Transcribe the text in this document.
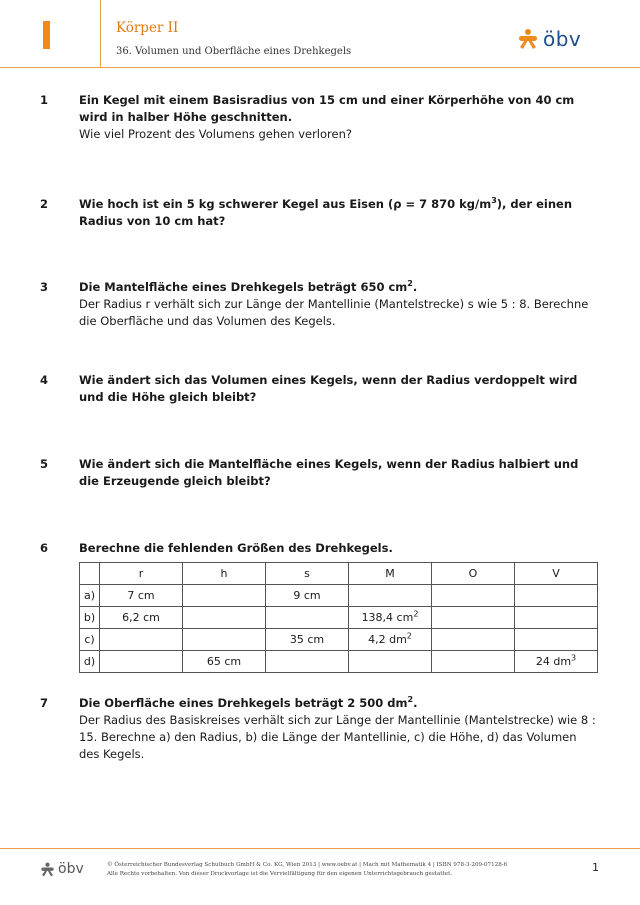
Körper II
36. Volumen und Oberfläche eines Drehkegels
öbv
1	Ein Kegel mit einem Basisradius von 15 cm und einer Körperhöhe von 40 cm wird in halber Höhe geschnitten.
Wie viel Prozent des Volumens gehen verloren?
2	Wie hoch ist ein 5 kg schwerer Kegel aus Eisen (ρ = 7 870 $kg/m^3$), der einen Radius von 10 cm hat?
3	Die Mantelfläche eines Drehkegels beträgt 650 $cm^2$.
Der Radius r verhält sich zur Länge der Mantellinie (Mantelstrecke) s wie 5 : 8. Berechne die Oberfläche und das Volumen des Kegels.
4	Wie ändert sich das Volumen eines Kegels, wenn der Radius verdoppelt wird und die Höhe gleich bleibt?
5	Wie ändert sich die Mantelfläche eines Kegels, wenn der Radius halbiert und die Erzeugende gleich bleibt?
6	Berechne die fehlenden Größen des Drehkegels.
	r	h	s	M	O	V
a)	7 cm		9 cm			
b)	6,2 cm			138,4 $cm^2$		
c)			35 cm	4,2 $dm^2$		
d)		65 cm				24 $dm^3$
7	Die Oberfläche eines Drehkegels beträgt 2 500 $dm^2$.
Der Radius des Basiskreises verhält sich zur Länge der Mantellinie (Mantelstrecke) wie 8 : 15. Berechne a) den Radius, b) die Länge der Mantellinie, c) die Höhe, d) das Volumen des Kegels.
öbv	© Österreichischer Bundesverlag Schulbuch GmbH & Co. KG, Wien 2013 | www.oebv.at | Mach mit Mathematik 4 | ISBN 978-3-209-07128-6
Alle Rechte vorbehalten. Von dieser Druckvorlage ist die Vervielfältigung für den eigenen Unterrichtsgebrauch gestattet.	1
